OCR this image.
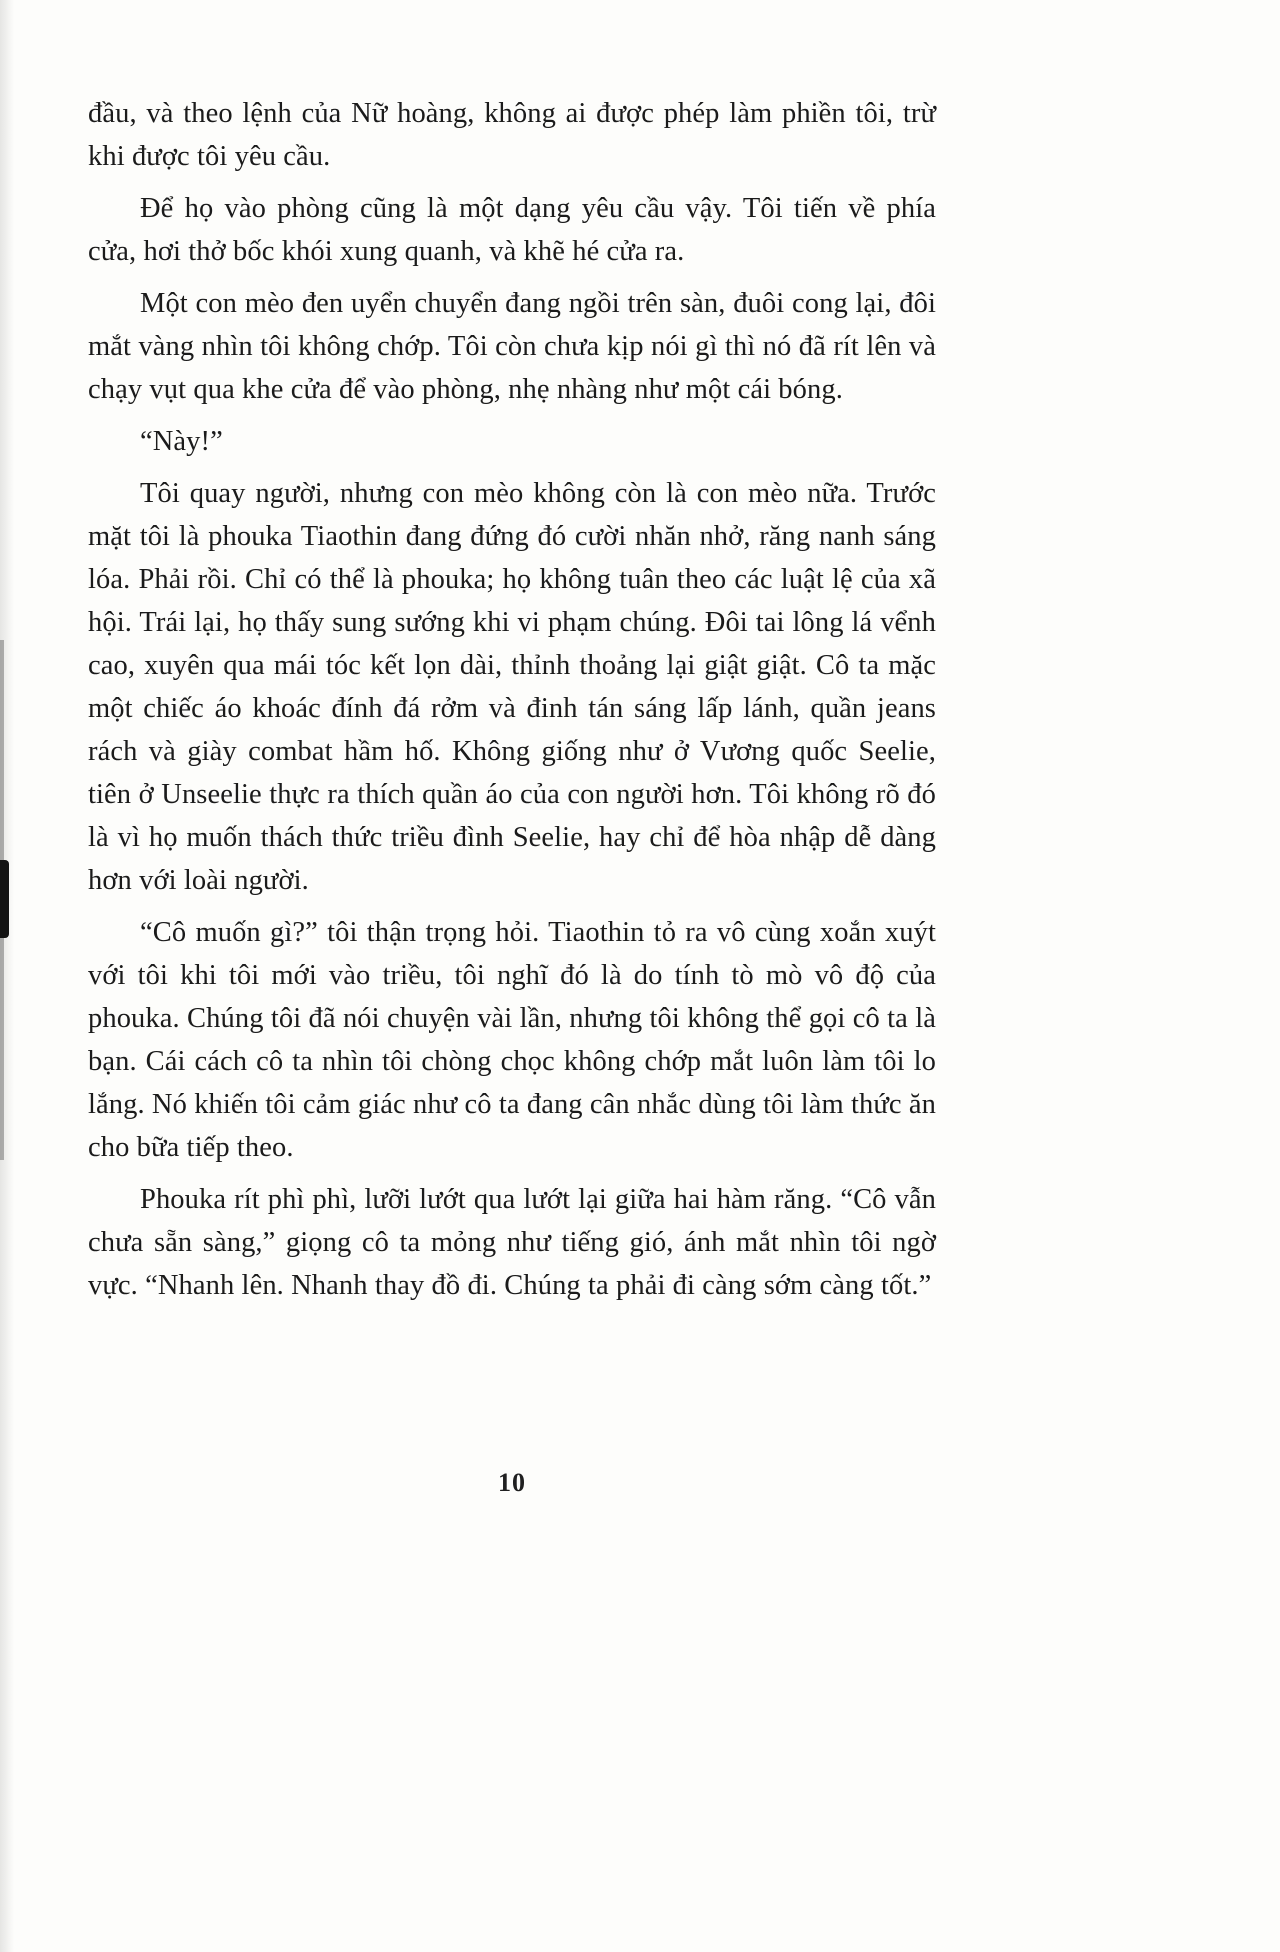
đầu, và theo lệnh của Nữ hoàng, không ai được phép làm phiền tôi, trừ khi được tôi yêu cầu.

Để họ vào phòng cũng là một dạng yêu cầu vậy. Tôi tiến về phía cửa, hơi thở bốc khói xung quanh, và khẽ hé cửa ra.

Một con mèo đen uyển chuyển đang ngồi trên sàn, đuôi cong lại, đôi mắt vàng nhìn tôi không chớp. Tôi còn chưa kịp nói gì thì nó đã rít lên và chạy vụt qua khe cửa để vào phòng, nhẹ nhàng như một cái bóng.

“Này!”

Tôi quay người, nhưng con mèo không còn là con mèo nữa. Trước mặt tôi là phouka Tiaothin đang đứng đó cười nhăn nhở, răng nanh sáng lóa. Phải rồi. Chỉ có thể là phouka; họ không tuân theo các luật lệ của xã hội. Trái lại, họ thấy sung sướng khi vi phạm chúng. Đôi tai lông lá vểnh cao, xuyên qua mái tóc kết lọn dài, thỉnh thoảng lại giật giật. Cô ta mặc một chiếc áo khoác đính đá rởm và đinh tán sáng lấp lánh, quần jeans rách và giày combat hầm hố. Không giống như ở Vương quốc Seelie, tiên ở Unseelie thực ra thích quần áo của con người hơn. Tôi không rõ đó là vì họ muốn thách thức triều đình Seelie, hay chỉ để hòa nhập dễ dàng hơn với loài người.

“Cô muốn gì?” tôi thận trọng hỏi. Tiaothin tỏ ra vô cùng xoắn xuýt với tôi khi tôi mới vào triều, tôi nghĩ đó là do tính tò mò vô độ của phouka. Chúng tôi đã nói chuyện vài lần, nhưng tôi không thể gọi cô ta là bạn. Cái cách cô ta nhìn tôi chòng chọc không chớp mắt luôn làm tôi lo lắng. Nó khiến tôi cảm giác như cô ta đang cân nhắc dùng tôi làm thức ăn cho bữa tiếp theo.

Phouka rít phì phì, lưỡi lướt qua lướt lại giữa hai hàm răng. “Cô vẫn chưa sẵn sàng,” giọng cô ta mỏng như tiếng gió, ánh mắt nhìn tôi ngờ vực. “Nhanh lên. Nhanh thay đồ đi. Chúng ta phải đi càng sớm càng tốt.”

10
